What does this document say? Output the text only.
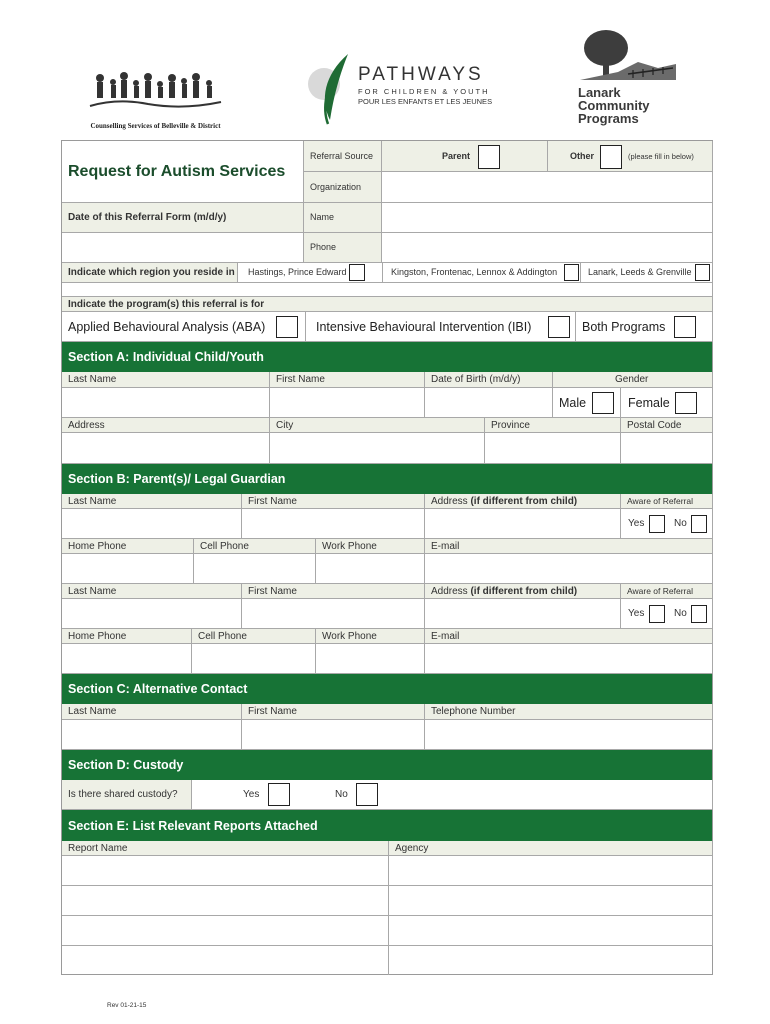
Counselling Services of Belleville & District
PATHWAYS
FOR CHILDREN & YOUTH
POUR LES ENFANTS ET LES JEUNES
Lanark
Community
Programs
Request for Autism Services
Referral Source	Parent	Other	(please fill in below)
Organization
Date of this Referral Form (m/d/y)	Name
Phone
Indicate which region you reside in Hastings, Prince Edward	Kingston, Frontenac, Lennox & Addington	Lanark, Leeds & Grenville
Indicate the program(s) this referral is for
Applied Behavioural Analysis (ABA)	Intensive Behavioural Intervention (IBI)	Both Programs
Section A: Individual Child/Youth
Last Name	First Name	Date of Birth (m/d/y)	Gender
Male	Female
Address	City	Province	Postal Code
Section B: Parent(s)/ Legal Guardian
Last Name	First Name	Address (if different from child)	Aware of Referral
Yes	No
Home Phone	Cell Phone	Work Phone	E-mail
Last Name	First Name	Address (if different from child)	Aware of Referral
Yes	No
Home Phone	Cell Phone	Work Phone	E-mail
Section C: Alternative Contact
Last Name	First Name	Telephone Number
Section D: Custody
Is there shared custody?	Yes	No
Section E: List Relevant Reports Attached
Report Name	Agency
Rev 01-21-15
